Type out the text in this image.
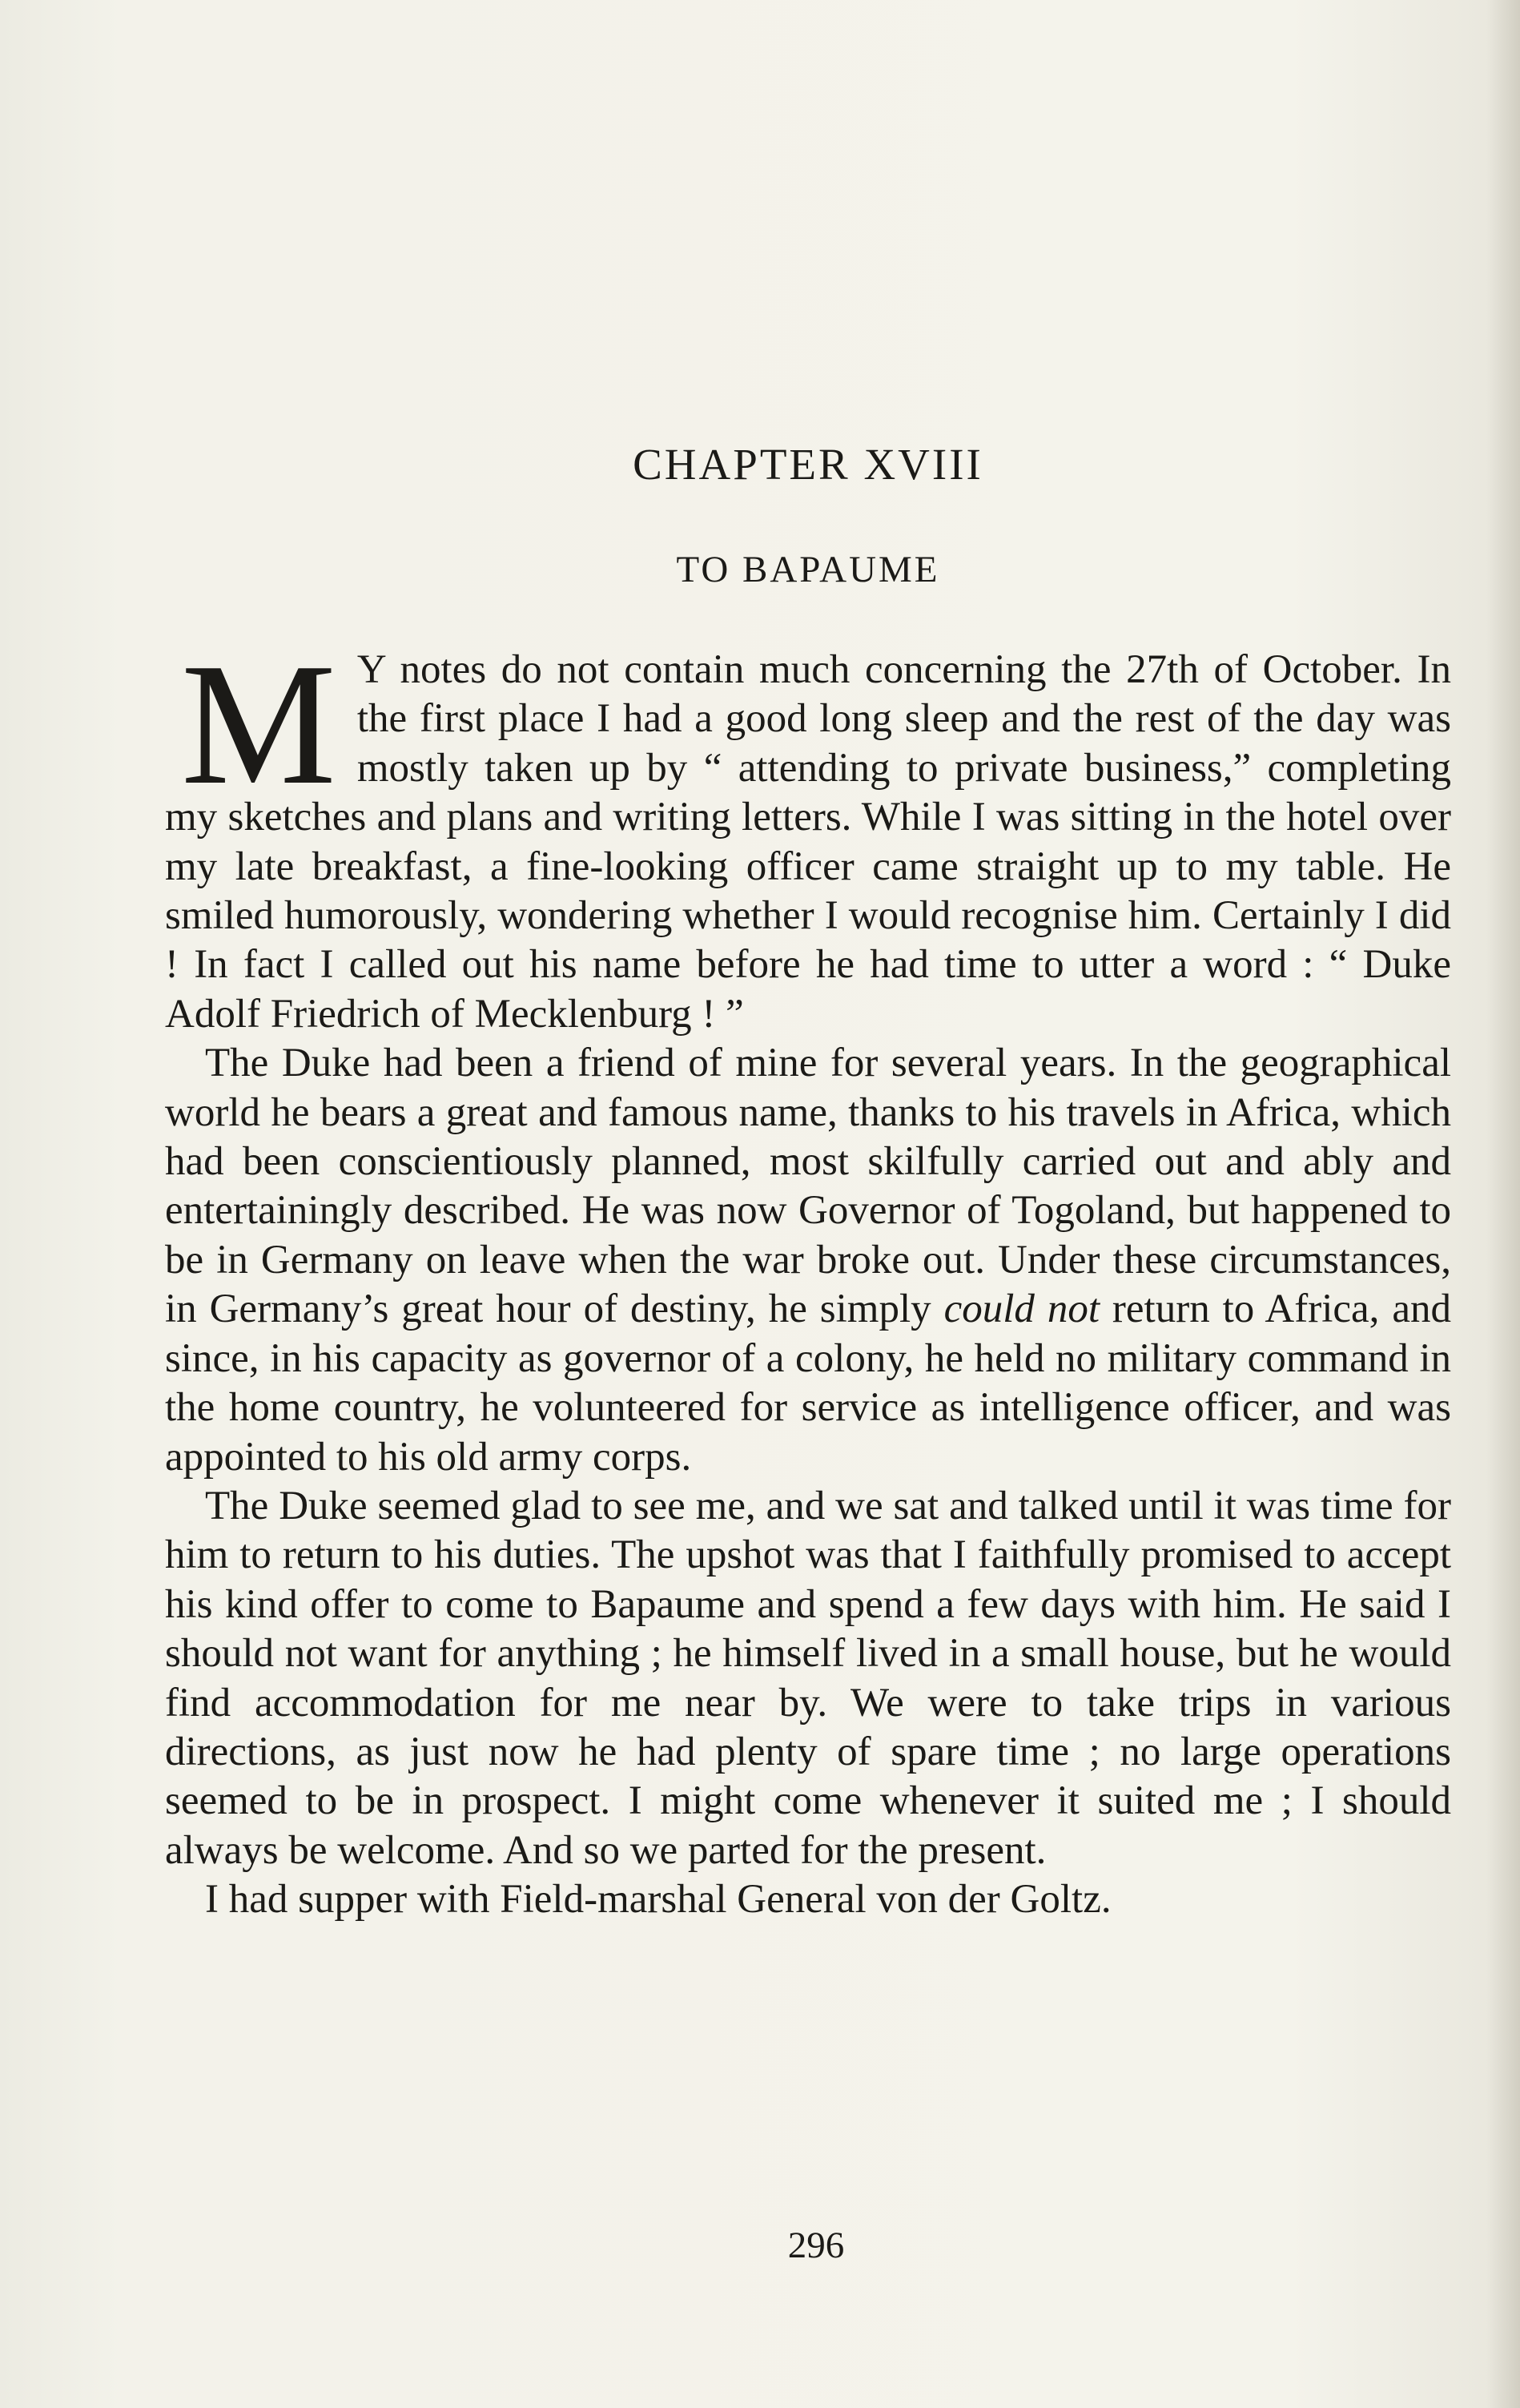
CHAPTER XVIII
TO BAPAUME

M Y notes do not contain much concerning the 27th of October. In the first place I had a good long sleep and the rest of the day was mostly taken up by “ attending to private business,” completing my sketches and plans and writing letters. While I was sitting in the hotel over my late breakfast, a fine-looking officer came straight up to my table. He smiled humorously, wondering whether I would recognise him. Certainly I did ! In fact I called out his name before he had time to utter a word : “ Duke Adolf Friedrich of Mecklenburg ! ”

The Duke had been a friend of mine for several years. In the geographical world he bears a great and famous name, thanks to his travels in Africa, which had been conscientiously planned, most skilfully carried out and ably and entertainingly described. He was now Governor of Togoland, but happened to be in Germany on leave when the war broke out. Under these circumstances, in Germany’s great hour of destiny, he simply could not return to Africa, and since, in his capacity as governor of a colony, he held no military command in the home country, he volunteered for service as intelligence officer, and was appointed to his old army corps.

The Duke seemed glad to see me, and we sat and talked until it was time for him to return to his duties. The upshot was that I faithfully promised to accept his kind offer to come to Bapaume and spend a few days with him. He said I should not want for anything ; he himself lived in a small house, but he would find accommodation for me near by. We were to take trips in various directions, as just now he had plenty of spare time ; no large operations seemed to be in prospect. I might come whenever it suited me ; I should always be welcome. And so we parted for the present.

I had supper with Field-marshal General von der Goltz.

296
